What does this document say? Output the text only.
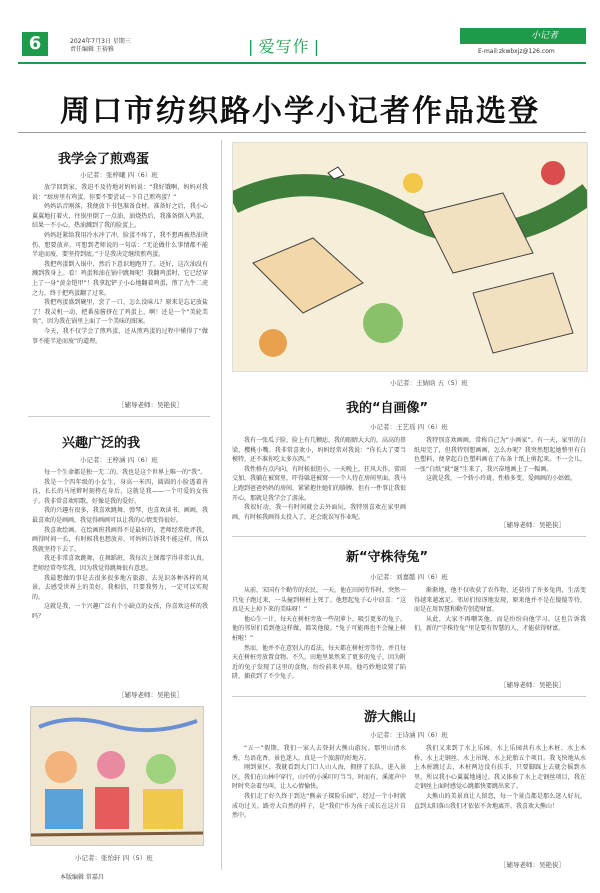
6	2024年7月3日 星期三
责任编辑 王裕雅	| 爱写作 |
小记者
E-mail:zkwbxjz@126.com
周口市纺织路小学小记者作品选登
我学会了煎鸡蛋
小记者：张梓曦 四（6）班

放学回到家，我迫不及待地对妈妈说：“我好饿啊，妈妈对我说：“厨房里有鸡蛋，你要不要尝试一下自己煎鸡蛋？”

妈妈话音刚落，我便放下书包准备食材。准备好之后，我小心翼翼地打着火，往锅里倒了一点油，油烧热后，我准备倒入鸡蛋，结果一不小心，热油溅到了我的脸蛋上。

妈妈赶紧给我用冷水冲了冲，脸蛋不疼了，我不想再被热油烫伤，想要放弃。可想到老师说的一句话：“无论做什么事情都不能半途而废，要坚持到底。”于是我决定继续煎鸡蛋。

我把鸡蛋倒入锅中，然后下意识地跑开了。还好，这次油没有溅到我身上。看！鸡蛋和油在锅中跳舞呢！我翻鸡蛋时，它已经穿上了一身“黄金铠甲”！我拿起铲子小心地翻着鸡蛋，煎了九牛二虎之力，终于把鸡蛋翻了过来。

我把鸡蛋盛到碗里，尝了一口，怎么没味儿？原来是忘记放盐了！我灵机一动，把番茄酱挤在了鸡蛋上，啊！还是一个“美轮美奂”，因为我在锅里上面了一个美味的图案。

今天，我不仅学会了煎鸡蛋，还从煎鸡蛋的过程中懂得了“做事不能半途而废”的道理。

［辅导老师：吴艳侠］
兴趣广泛的我
小记者：王梓涵 四（6）班

每一个生命都是独一无二的，我也是这个世界上唯一的“我”。

我是一个四年级的小女生，身高一米四，圆圆的小脸透着善良，长长的马尾辫时刻挎在身后，这就是我——一个可爱的女孩子。我非常喜欢唱歌，好像是我的爱好。

我的兴趣有很多，我喜欢跳舞、弹琴，也喜欢读书、画画，我最喜欢的是画画，我觉得画画可以让我的心情变得很好。

我喜欢绘画。在绘画班我画得不是最好的，老师经常批评我，画得时间一长，有时候我也想放弃，可妈妈告诉我不能这样，所以我就坚持下去了。

我还非常喜欢跳舞，在舞蹈班，我每次上课都学得非常认真，老师经常夸奖我，因为我觉得跳舞很有意思。

我最想做的事是去很多很多地方旅游，去见识各种各样的风景，去感受世界上的美好。我相信，只要我努力，一定可以实现的。

这就是我，一个兴趣广泛有个小缺点的女孩，你喜欢这样的我吗？

［辅导老师：吴艳侠］
小记者：张怡轩 四（5）班
小记者：王婧晗 五（5）班
我的“自画像”
小记者：王艺瑶 四（6）班

我有一张瓜子脸，脸上有几颗痣，我的眼睛大大的，高高的鼻梁，樱桃小嘴。我非常喜欢小，妈妈经常对我说：“你长大了要当模特，还不准你吃太多东西。”

我性格有点内向，有时候很胆小，一天晚上，狂风大作，雷雨交加，我躺在被窝里，吓得躲进被窝一一个人待在房间里面。我马上跑到爸爸妈妈的房间，紧紧抱住她们的胳膊。但有一件事让我很开心，那就是我学会了游泳。

我很好动，我一有时间就会去外面玩，我特别喜欢在家里画画，有时候我画得太投入了，还会耽误写作业呢。

我特别喜欢画画，常称自己为“小画家”。有一天，家里的白纸用完了，但我特别想画画，怎么办呢？我突然想起她整里有白色塑料，便拿起白色塑料画在了布条十纸上剪起来。不一会儿，一张“白纸”就“诞”生来了，我兴奋地画上了一幅画。

这就是我，一个娇小玲珑、性格多变、爱画画的小姑娘。

［辅导老师：吴艳侠］
新“守株待兔”
小记者：刘嘉懿 四（6）班

从前，宋国有个勤劳的农民，一天，他在田间劳作时，突然一只兔子跑过来，一头撞到树桩上死了。他想起兔子心中窃喜：“这真是天上掉下来的美味呀！”

他心生一计，每天在树桩旁放一些胡萝卜，吸引更多的兔子。他的邻居们看到他这样做，都笑他傻。“兔子可能再也不会撞上树桩啦！”

然而，他并不在意别人的看法，每天都在树桩旁等待，并且每天在树桩旁放置食物。不久，田地里果然来了更多的兔子，因为附近的兔子发现了这里的食物，纷纷前来享用。他巧妙地设置了陷阱，捕获到了不少兔子。

渐渐地，他不仅收获了农作物，还获得了许多兔肉，生活变得越来越富足。邻居们惊讶地发现，原来他并不是在傻傻等待，而是在用智慧和勤劳创造财富。

从此，大家不再嘲笑他，而是纷纷向他学习。这也告诉我们，新的“守株待兔”里是要有智慧的人，才能获得财富。

［辅导老师：吴艳侠］
游大熊山
小记者：王诗涵 四（6）班

“五一”假期，我们一家人去登封大熊山游玩。那里山清水秀，鸟语花香，景色迷人，真是一个旅游的好地方。

刚到景区，我就看到大门口人山人海，拥挤了长队，进入景区，我们在山林中穿行，山中的小溪叮叮当当，时而有，溪流声中时时夹杂着鸟叫，让人心情愉快。

我们走了好久终于到达“熊亲子探险乐园”，经过一个小时就成功过关。路旁大自然的样子，是“我们”作为孩子成长在这片自然中。

我们又来到了水上乐园，水上乐园共有水上木桩、水上木桥、水上走钢丝、水上吊绳、水上轮胎五个项目。我飞快地从水上木桩跳过去，木桩两边没有扶手，只要脚踩上去就会摇到水里，所以我小心翼翼地通过。我又体验了水上走钢丝项目，我在走钢丝上面时感觉心跳都快要跳出来了。

大熊山的美景真让人留恋，每一个景点都是那么迷人好玩，直到太阳落山我们才依依不舍地离开。我喜欢大熊山！

［辅导老师：吴艳侠］
本版编辑 常嘉昌
